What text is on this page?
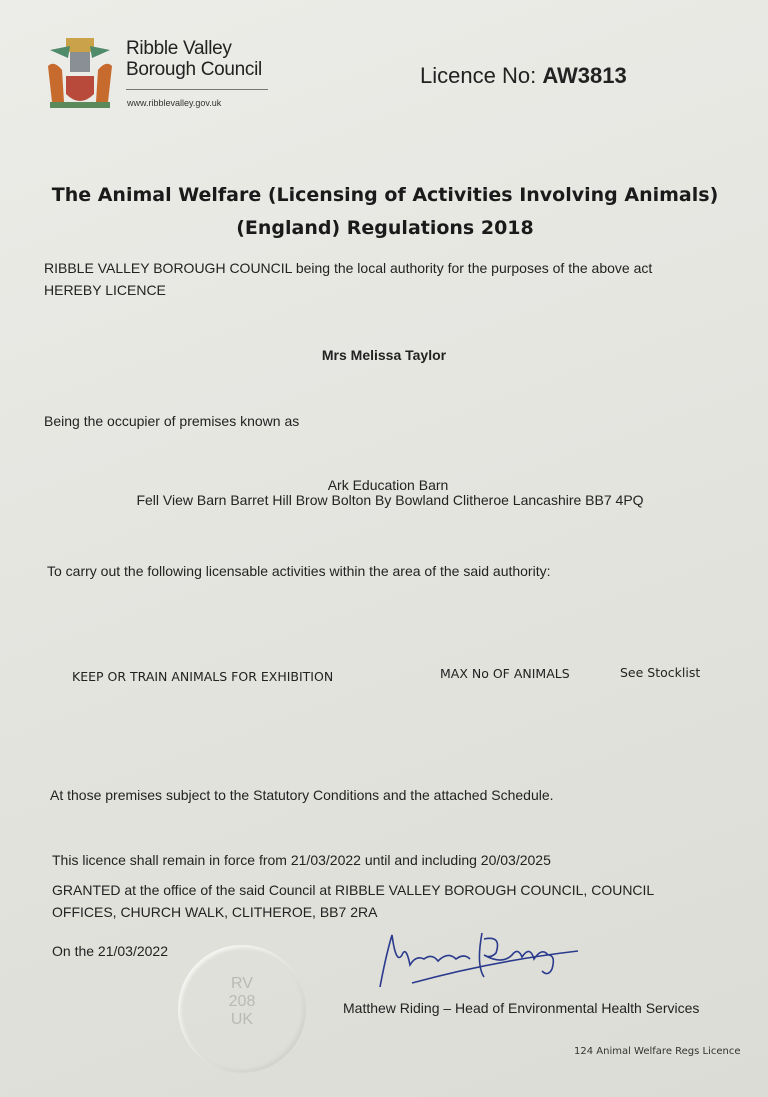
Ribble Valley
Borough Council
www.ribblevalley.gov.uk
Licence No: AW3813
The Animal Welfare (Licensing of Activities Involving Animals)
(England) Regulations 2018
RIBBLE VALLEY BOROUGH COUNCIL being the local authority for the purposes of the above act
HEREBY LICENCE
Mrs Melissa Taylor
Being the occupier of premises known as
Ark Education Barn
Fell View Barn Barret Hill Brow Bolton By Bowland Clitheroe Lancashire BB7 4PQ
To carry out the following licensable activities within the area of the said authority:
KEEP OR TRAIN ANIMALS FOR EXHIBITION	MAX No OF ANIMALS	See Stocklist
At those premises subject to the Statutory Conditions and the attached Schedule.
This licence shall remain in force from 21/03/2022 until and including 20/03/2025
GRANTED at the office of the said Council at RIBBLE VALLEY BOROUGH COUNCIL, COUNCIL
OFFICES, CHURCH WALK, CLITHEROE, BB7 2RA
On the 21/03/2022
RV
208
UK
Matthew Riding – Head of Environmental Health Services
124 Animal Welfare Regs Licence
